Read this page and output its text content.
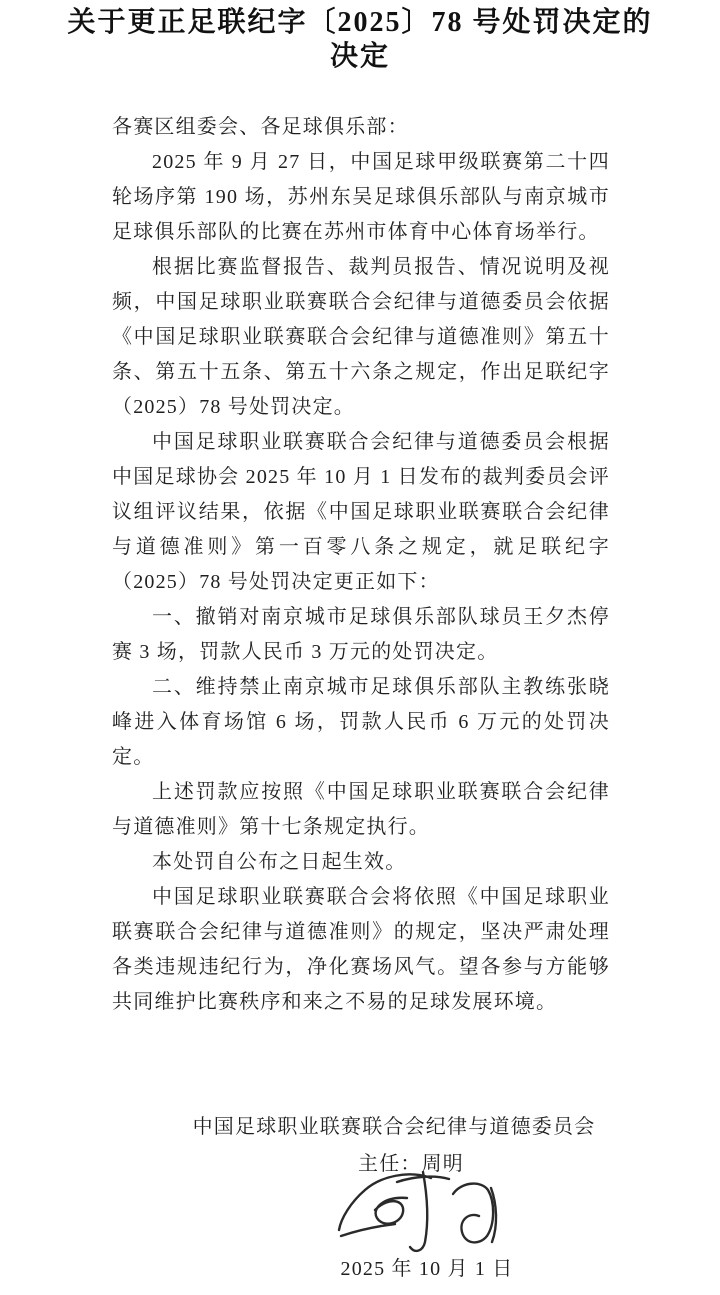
关于更正足联纪字〔2025〕78 号处罚决定的决定

各赛区组委会、各足球俱乐部：

2025 年 9 月 27 日，中国足球甲级联赛第二十四轮场序第 190 场，苏州东吴足球俱乐部队与南京城市足球俱乐部队的比赛在苏州市体育中心体育场举行。

根据比赛监督报告、裁判员报告、情况说明及视频，中国足球职业联赛联合会纪律与道德委员会依据《中国足球职业联赛联合会纪律与道德准则》第五十条、第五十五条、第五十六条之规定，作出足联纪字（2025）78 号处罚决定。

中国足球职业联赛联合会纪律与道德委员会根据中国足球协会 2025 年 10 月 1 日发布的裁判委员会评议组评议结果，依据《中国足球职业联赛联合会纪律与道德准则》第一百零八条之规定，就足联纪字（2025）78 号处罚决定更正如下：

一、撤销对南京城市足球俱乐部队球员王夕杰停赛 3 场，罚款人民币 3 万元的处罚决定。

二、维持禁止南京城市足球俱乐部队主教练张晓峰进入体育场馆 6 场，罚款人民币 6 万元的处罚决定。

上述罚款应按照《中国足球职业联赛联合会纪律与道德准则》第十七条规定执行。

本处罚自公布之日起生效。

中国足球职业联赛联合会将依照《中国足球职业联赛联合会纪律与道德准则》的规定，坚决严肃处理各类违规违纪行为，净化赛场风气。望各参与方能够共同维护比赛秩序和来之不易的足球发展环境。

中国足球职业联赛联合会纪律与道德委员会
主任：周明
2025 年 10 月 1 日
